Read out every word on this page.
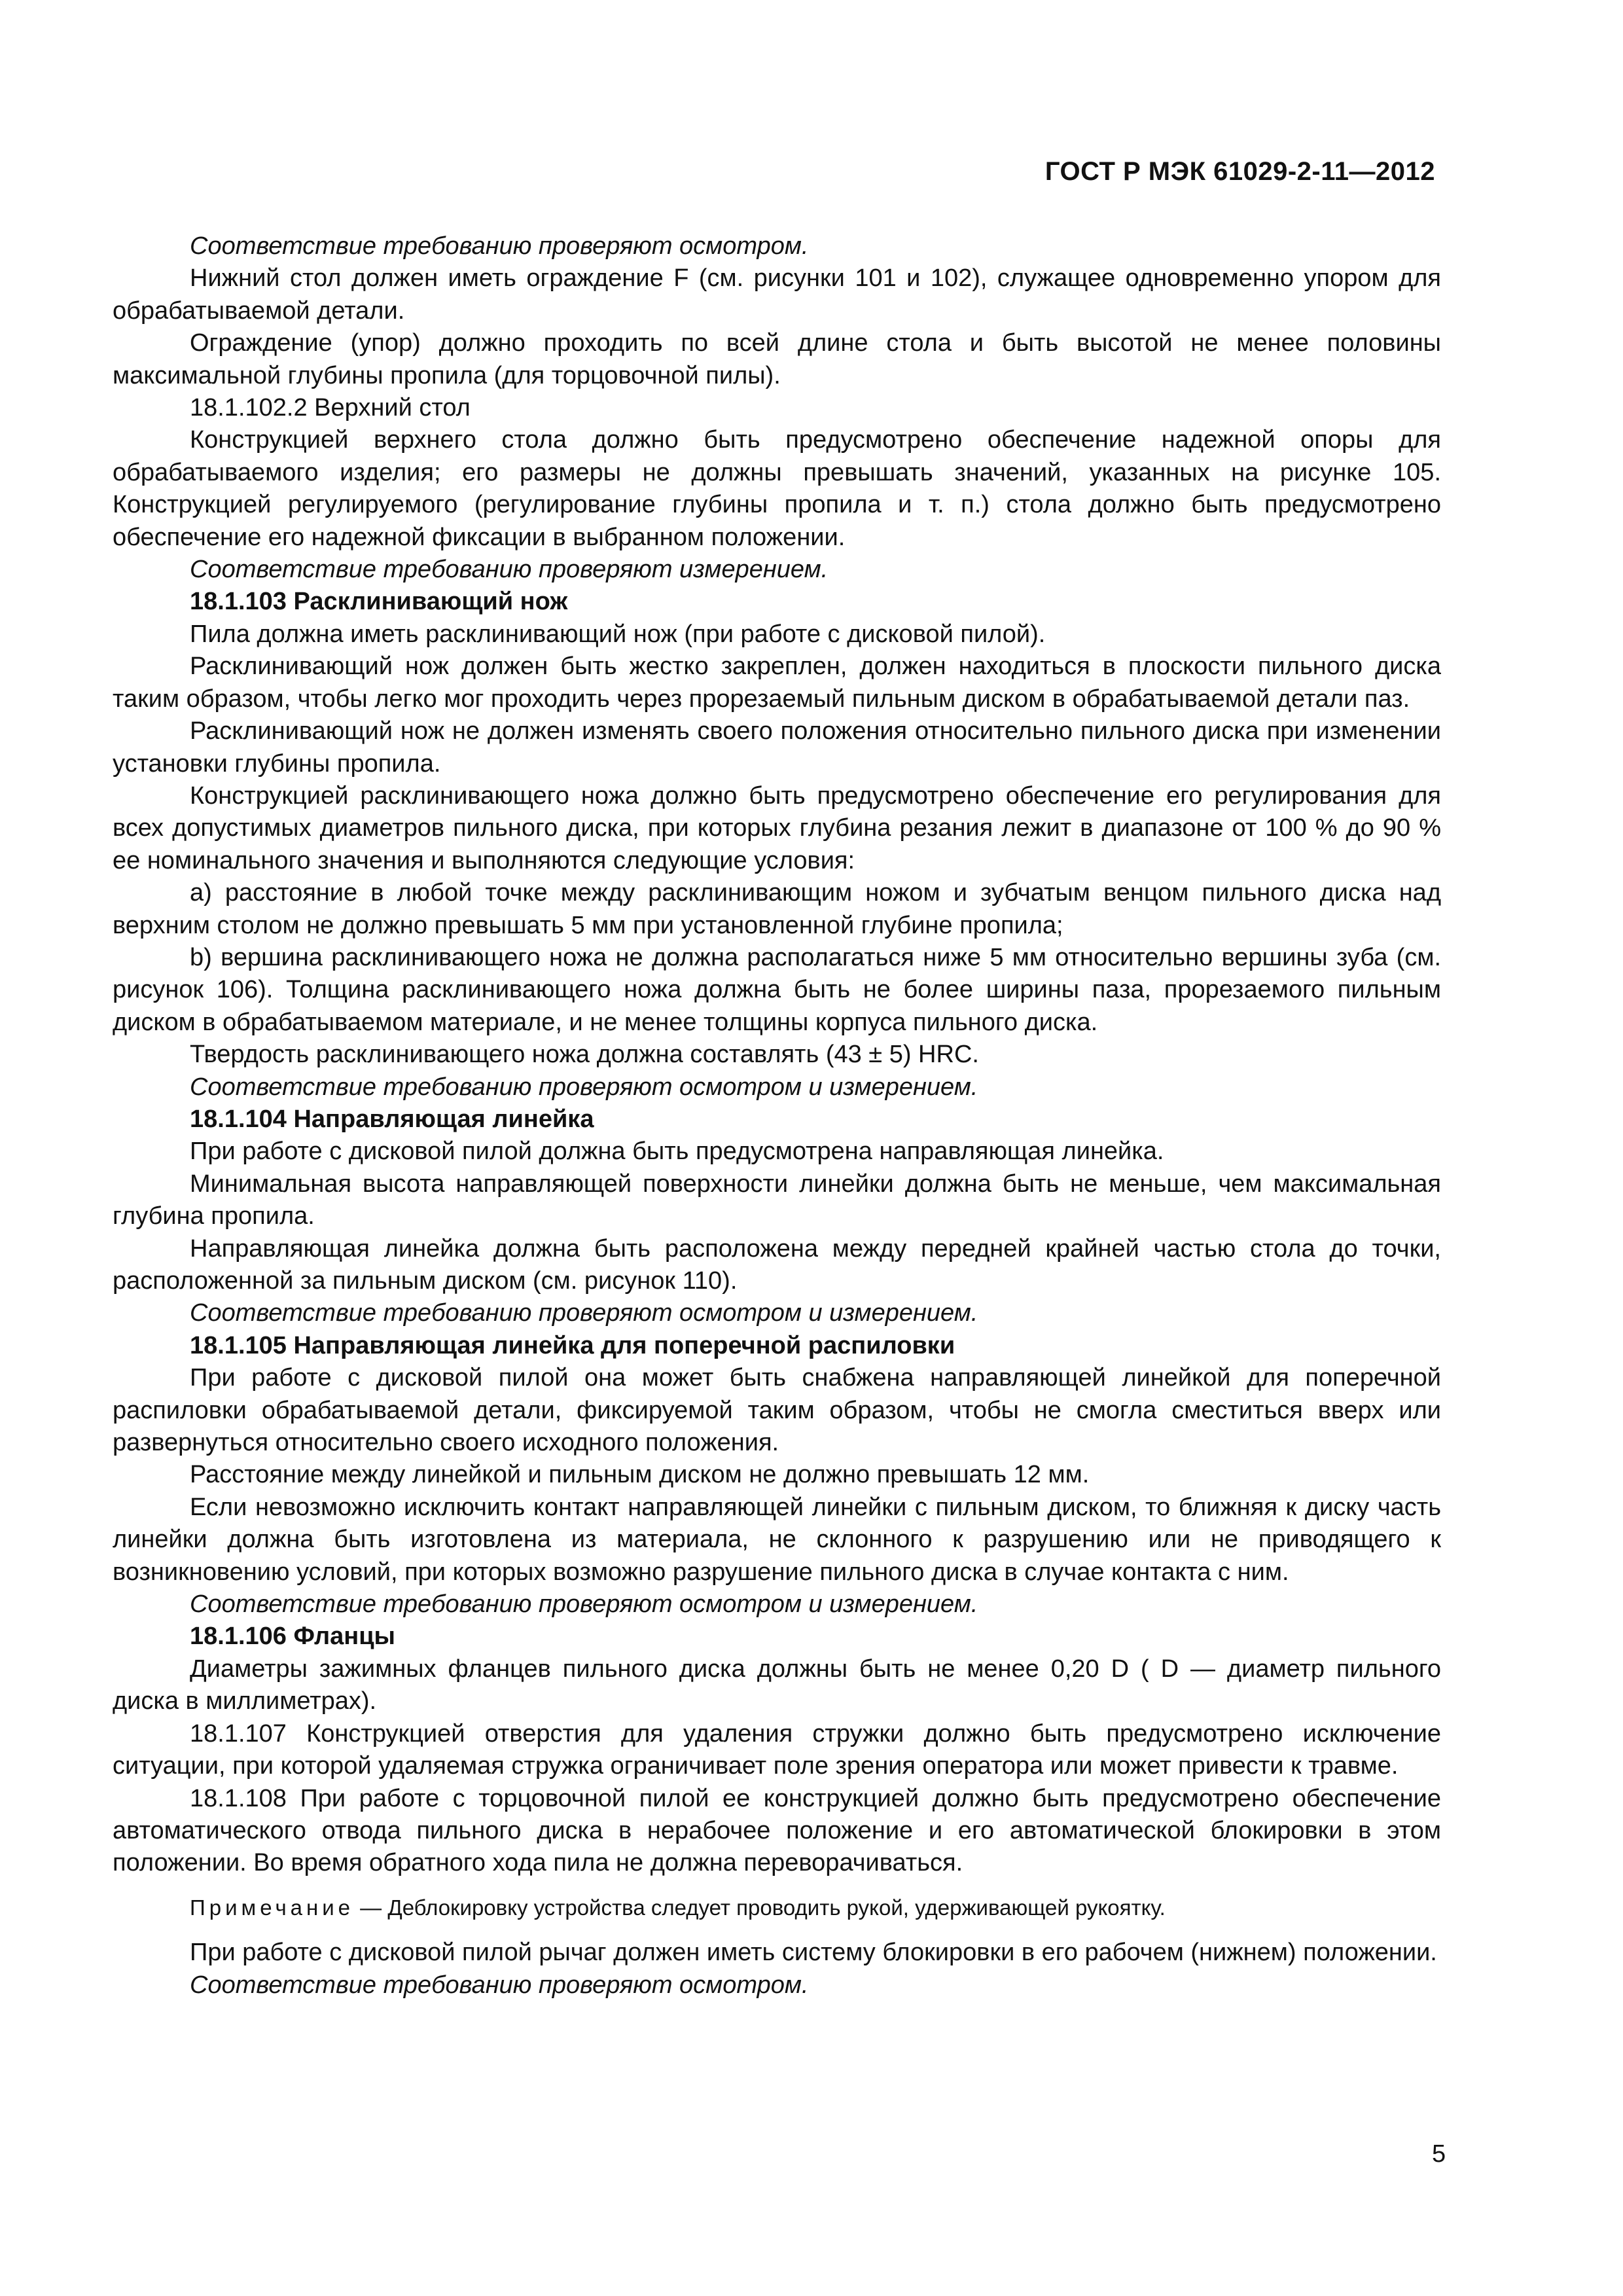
ГОСТ Р МЭК 61029-2-11—2012

Соответствие требованию проверяют осмотром.

Нижний стол должен иметь ограждение F (см. рисунки 101 и 102), служащее одновременно упором для обрабатываемой детали.

Ограждение (упор) должно проходить по всей длине стола и быть высотой не менее половины максимальной глубины пропила (для торцовочной пилы).

18.1.102.2 Верхний стол

Конструкцией верхнего стола должно быть предусмотрено обеспечение надежной опоры для обрабатываемого изделия; его размеры не должны превышать значений, указанных на рисунке 105. Конструкцией регулируемого (регулирование глубины пропила и т. п.) стола должно быть предусмотрено обеспечение его надежной фиксации в выбранном положении.

Соответствие требованию проверяют измерением.

18.1.103 Расклинивающий нож

Пила должна иметь расклинивающий нож (при работе с дисковой пилой).

Расклинивающий нож должен быть жестко закреплен, должен находиться в плоскости пильного диска таким образом, чтобы легко мог проходить через прорезаемый пильным диском в обрабатываемой детали паз.

Расклинивающий нож не должен изменять своего положения относительно пильного диска при изменении установки глубины пропила.

Конструкцией расклинивающего ножа должно быть предусмотрено обеспечение его регулирования для всех допустимых диаметров пильного диска, при которых глубина резания лежит в диапазоне от 100 % до 90 % ее номинального значения и выполняются следующие условия:

а) расстояние в любой точке между расклинивающим ножом и зубчатым венцом пильного диска над верхним столом не должно превышать 5 мм при установленной глубине пропила;

b) вершина расклинивающего ножа не должна располагаться ниже 5 мм относительно вершины зуба (см. рисунок 106). Толщина расклинивающего ножа должна быть не более ширины паза, прорезаемого пильным диском в обрабатываемом материале, и не менее толщины корпуса пильного диска.

Твердость расклинивающего ножа должна составлять (43 ± 5) HRC.

Соответствие требованию проверяют осмотром и измерением.

18.1.104 Направляющая линейка

При работе с дисковой пилой должна быть предусмотрена направляющая линейка.

Минимальная высота направляющей поверхности линейки должна быть не меньше, чем максимальная глубина пропила.

Направляющая линейка должна быть расположена между передней крайней частью стола до точки, расположенной за пильным диском (см. рисунок 110).

Соответствие требованию проверяют осмотром и измерением.

18.1.105 Направляющая линейка для поперечной распиловки

При работе с дисковой пилой она может быть снабжена направляющей линейкой для поперечной распиловки обрабатываемой детали, фиксируемой таким образом, чтобы не смогла сместиться вверх или развернуться относительно своего исходного положения.

Расстояние между линейкой и пильным диском не должно превышать 12 мм.

Если невозможно исключить контакт направляющей линейки с пильным диском, то ближняя к диску часть линейки должна быть изготовлена из материала, не склонного к разрушению или не приводящего к возникновению условий, при которых возможно разрушение пильного диска в случае контакта с ним.

Соответствие требованию проверяют осмотром и измерением.

18.1.106 Фланцы

Диаметры зажимных фланцев пильного диска должны быть не менее 0,20 D ( D — диаметр пильного диска в миллиметрах).

18.1.107 Конструкцией отверстия для удаления стружки должно быть предусмотрено исключение ситуации, при которой удаляемая стружка ограничивает поле зрения оператора или может привести к травме.

18.1.108 При работе с торцовочной пилой ее конструкцией должно быть предусмотрено обеспечение автоматического отвода пильного диска в нерабочее положение и его автоматической блокировки в этом положении. Во время обратного хода пила не должна переворачиваться.

Примечание — Деблокировку устройства следует проводить рукой, удерживающей рукоятку.

При работе с дисковой пилой рычаг должен иметь систему блокировки в его рабочем (нижнем) положении.

Соответствие требованию проверяют осмотром.

5
